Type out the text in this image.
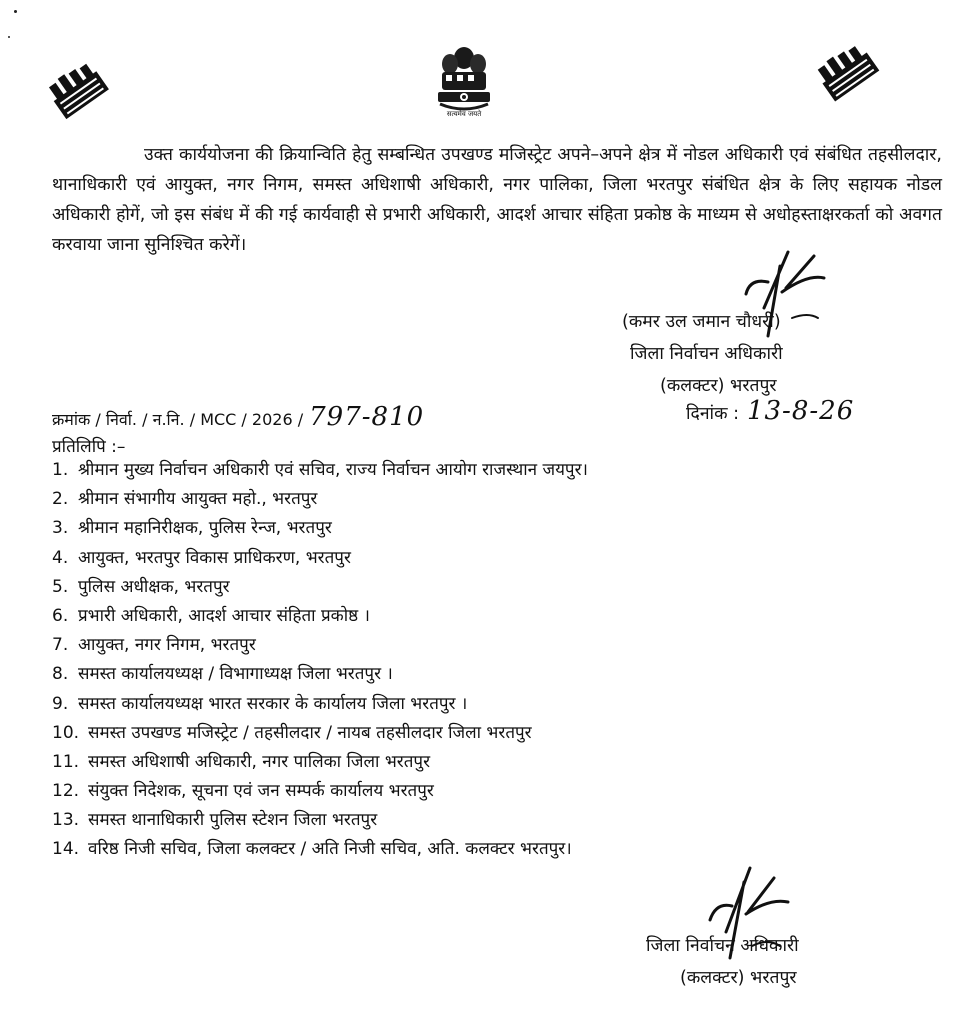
सत्यमेव जयते

उक्त कार्ययोजना की क्रियान्विति हेतु सम्बन्धित उपखण्ड मजिस्ट्रेट अपने–अपने क्षेत्र में नोडल अधिकारी एवं संबंधित तहसीलदार, थानाधिकारी एवं आयुक्त, नगर निगम, समस्त अधिशाषी अधिकारी, नगर पालिका, जिला भरतपुर संबंधित क्षेत्र के लिए सहायक नोडल अधिकारी होगें, जो इस संबंध में की गई कार्यवाही से प्रभारी अधिकारी, आदर्श आचार संहिता प्रकोष्ठ के माध्यम से अधोहस्ताक्षरकर्ता को अवगत करवाया जाना सुनिश्चित करेगें।

(कमर उल जमान चौधरी)
जिला निर्वाचन अधिकारी
(कलक्टर) भरतपुर
दिनांक : 13-8-26
क्रमांक / निर्वा. / न.नि. / MCC / 2026 / 797-810
प्रतिलिपि :–
1. श्रीमान मुख्य निर्वाचन अधिकारी एवं सचिव, राज्य निर्वाचन आयोग राजस्थान जयपुर।
2. श्रीमान संभागीय आयुक्त महो., भरतपुर
3. श्रीमान महानिरीक्षक, पुलिस रेन्ज, भरतपुर
4. आयुक्त, भरतपुर विकास प्राधिकरण, भरतपुर
5. पुलिस अधीक्षक, भरतपुर
6. प्रभारी अधिकारी, आदर्श आचार संहिता प्रकोष्ठ ।
7. आयुक्त, नगर निगम, भरतपुर
8. समस्त कार्यालयध्यक्ष / विभागाध्यक्ष जिला भरतपुर ।
9. समस्त कार्यालयध्यक्ष भारत सरकार के कार्यालय जिला भरतपुर ।
10. समस्त उपखण्ड मजिस्ट्रेट / तहसीलदार / नायब तहसीलदार जिला भरतपुर
11. समस्त अधिशाषी अधिकारी, नगर पालिका जिला भरतपुर
12. संयुक्त निदेशक, सूचना एवं जन सम्पर्क कार्यालय भरतपुर
13. समस्त थानाधिकारी पुलिस स्टेशन जिला भरतपुर
14. वरिष्ठ निजी सचिव, जिला कलक्टर / अति निजी सचिव, अति. कलक्टर भरतपुर।
जिला निर्वाचन अधिकारी
(कलक्टर) भरतपुर
